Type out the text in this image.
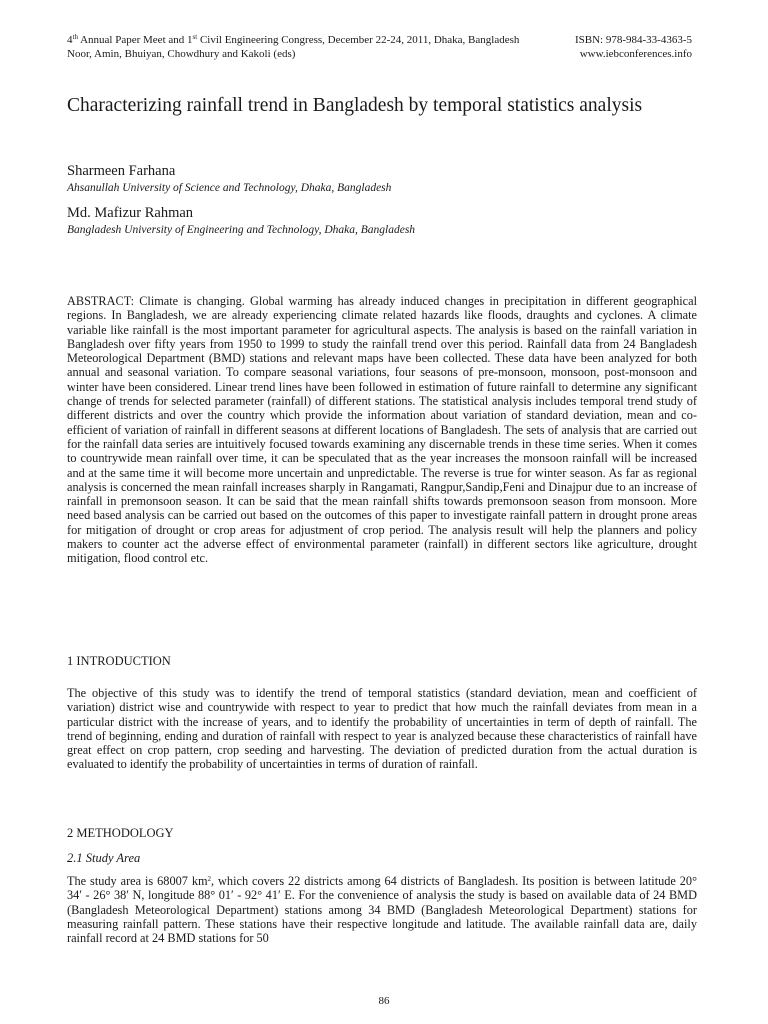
4th Annual Paper Meet and 1st Civil Engineering Congress, December 22-24, 2011, Dhaka, Bangladesh	ISBN: 978-984-33-4363-5
Noor, Amin, Bhuiyan, Chowdhury and Kakoli (eds)	www.iebconferences.info
Characterizing rainfall trend in Bangladesh by temporal statistics analysis
Sharmeen Farhana
Ahsanullah University of Science and Technology, Dhaka, Bangladesh
Md. Mafizur Rahman
Bangladesh University of Engineering and Technology, Dhaka, Bangladesh
ABSTRACT: Climate is changing. Global warming has already induced changes in precipitation in different geographical regions. In Bangladesh, we are already experiencing climate related hazards like floods, draughts and cyclones. A climate variable like rainfall is the most important parameter for agricultural aspects. The analysis is based on the rainfall variation in Bangladesh over fifty years from 1950 to 1999 to study the rainfall trend over this period. Rainfall data from 24 Bangladesh Meteorological Department (BMD) stations and relevant maps have been collected. These data have been analyzed for both annual and seasonal variation. To compare seasonal variations, four seasons of pre-monsoon, monsoon, post-monsoon and winter have been considered. Linear trend lines have been followed in estimation of future rainfall to determine any significant change of trends for selected parameter (rainfall) of different stations. The statistical analysis includes temporal trend study of different districts and over the country which provide the information about variation of standard deviation, mean and co-efficient of variation of rainfall in different seasons at different locations of Bangladesh. The sets of analysis that are carried out for the rainfall data series are intuitively focused towards examining any discernable trends in these time series. When it comes to countrywide mean rainfall over time, it can be speculated that as the year increases the monsoon rainfall will be increased and at the same time it will become more uncertain and unpredictable. The reverse is true for winter season. As far as regional analysis is concerned the mean rainfall increases sharply in Rangamati, Rangpur,Sandip,Feni and Dinajpur due to an increase of rainfall in premonsoon season. It can be said that the mean rainfall shifts towards premonsoon season from monsoon. More need based analysis can be carried out based on the outcomes of this paper to investigate rainfall pattern in drought prone areas for mitigation of drought or crop areas for adjustment of crop period. The analysis result will help the planners and policy makers to counter act the adverse effect of environmental parameter (rainfall) in different sectors like agriculture, drought mitigation, flood control etc.
1 INTRODUCTION
The objective of this study was to identify the trend of temporal statistics (standard deviation, mean and coefficient of variation) district wise and countrywide with respect to year to predict that how much the rainfall deviates from mean in a particular district with the increase of years, and to identify the probability of uncertainties in term of depth of rainfall. The trend of beginning, ending and duration of rainfall with respect to year is analyzed because these characteristics of rainfall have great effect on crop pattern, crop seeding and harvesting. The deviation of predicted duration from the actual duration is evaluated to identify the probability of uncertainties in terms of duration of rainfall.
2 METHODOLOGY
2.1 Study Area
The study area is 68007 $km^2$, which covers 22 districts among 64 districts of Bangladesh. Its position is between latitude 20° 34′ - 26° 38′ N, longitude 88° 01′ - 92° 41′ E. For the convenience of analysis the study is based on available data of 24 BMD (Bangladesh Meteorological Department) stations among 34 BMD (Bangladesh Meteorological Department) stations for measuring rainfall pattern. These stations have their respective longitude and latitude. The available rainfall data are, daily rainfall record at 24 BMD stations for 50
86
